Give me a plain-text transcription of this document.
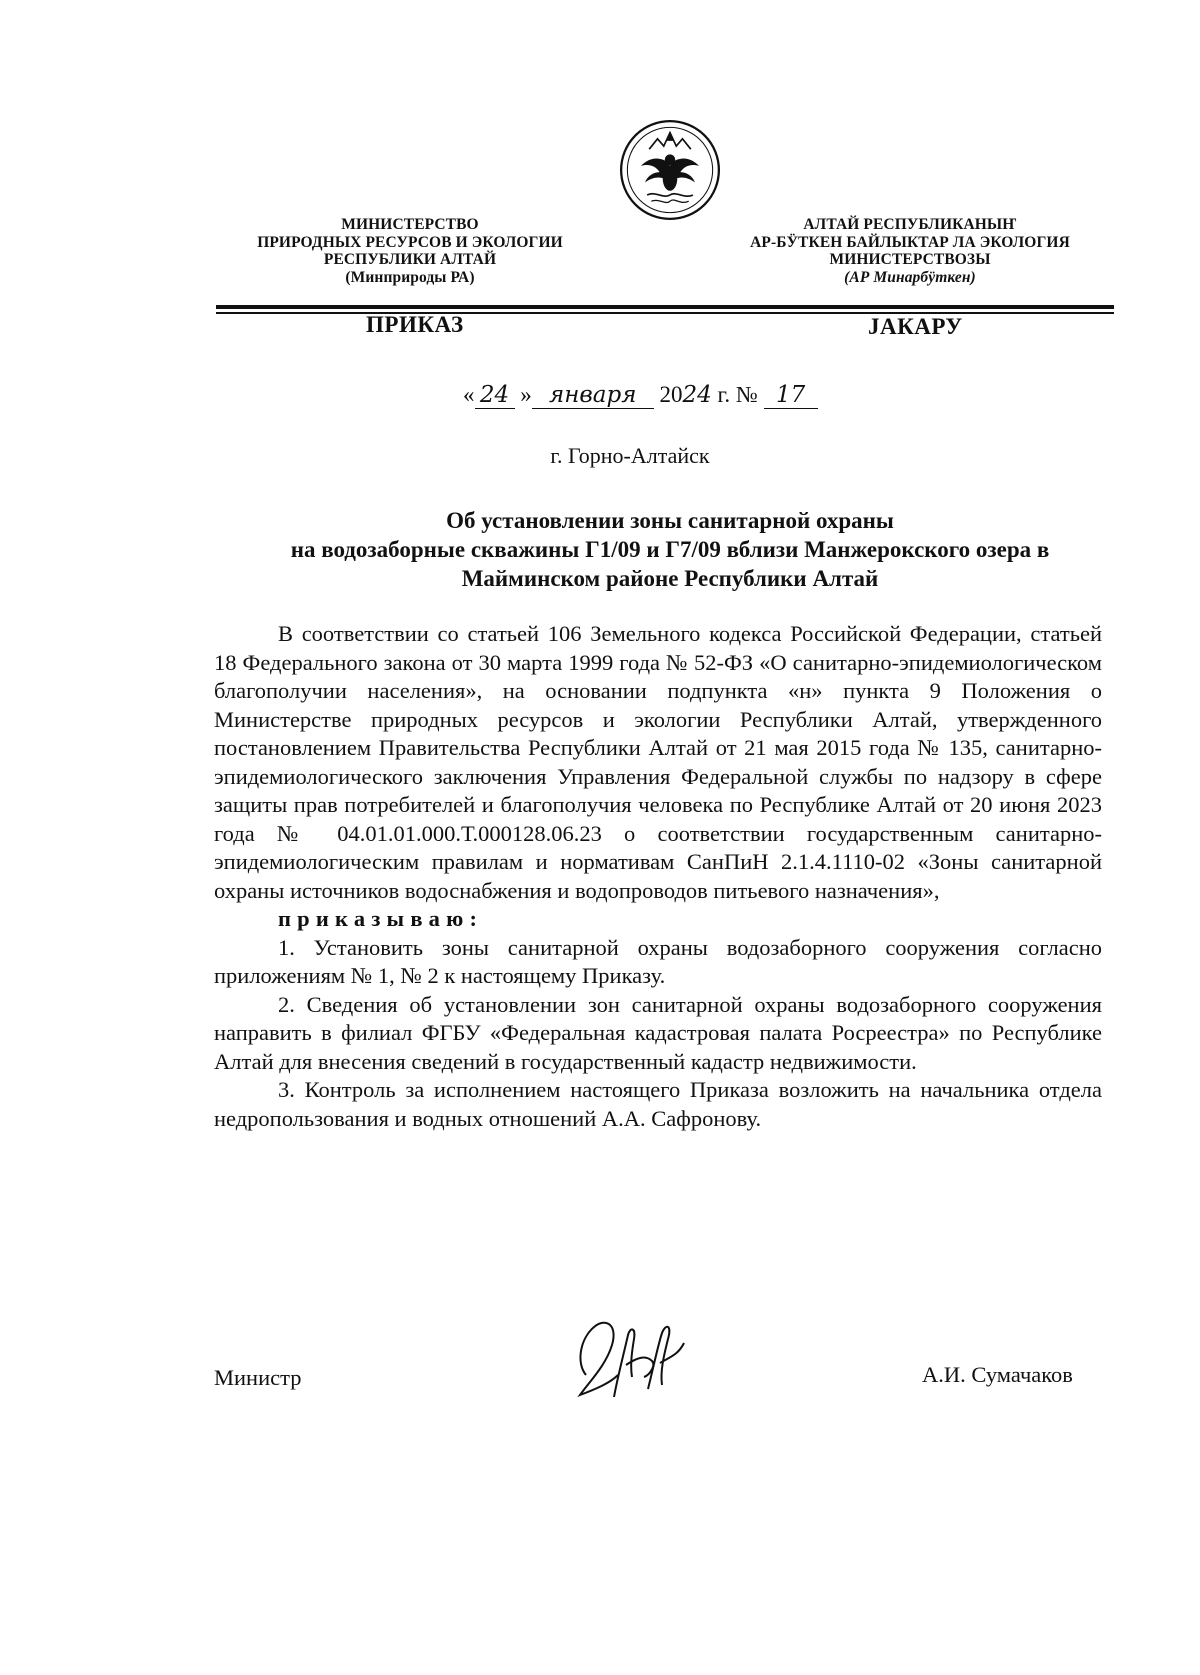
МИНИСТЕРСТВО
ПРИРОДНЫХ РЕСУРСОВ И ЭКОЛОГИИ
РЕСПУБЛИКИ АЛТАЙ
(Минприроды РА)
АЛТАЙ РЕСПУБЛИКАНЫҤ
АР-БӰТКЕН БАЙЛЫКТАР ЛА ЭКОЛОГИЯ
МИНИСТЕРСТВОЗЫ
(АР Минарбӱткен)
ПРИКАЗ	JАКАРУ
« 24 » января 2024 г. № 17
г. Горно-Алтайск
Об установлении зоны санитарной охраны
на водозаборные скважины Г1/09 и Г7/09 вблизи Манжерокского озера в
Майминском районе Республики Алтай

В соответствии со статьей 106 Земельного кодекса Российской Федерации, статьей 18 Федерального закона от 30 марта 1999 года № 52-ФЗ «О санитарно-эпидемиологическом благополучии населения», на основании подпункта «н» пункта 9 Положения о Министерстве природных ресурсов и экологии Республики Алтай, утвержденного постановлением Правительства Республики Алтай от 21 мая 2015 года № 135, санитарно-эпидемиологического заключения Управления Федеральной службы по надзору в сфере защиты прав потребителей и благополучия человека по Республике Алтай от 20 июня 2023 года № 04.01.01.000.Т.000128.06.23 о соответствии государственным санитарно-эпидемиологическим правилам и нормативам СанПиН 2.1.4.1110-02 «Зоны санитарной охраны источников водоснабжения и водопроводов питьевого назначения»,

приказываю:

1. Установить зоны санитарной охраны водозаборного сооружения согласно приложениям № 1, № 2 к настоящему Приказу.

2. Сведения об установлении зон санитарной охраны водозаборного сооружения направить в филиал ФГБУ «Федеральная кадастровая палата Росреестра» по Республике Алтай для внесения сведений в государственный кадастр недвижимости.

3. Контроль за исполнением настоящего Приказа возложить на начальника отдела недропользования и водных отношений А.А. Сафронову.

Министр	А.И. Сумачаков
